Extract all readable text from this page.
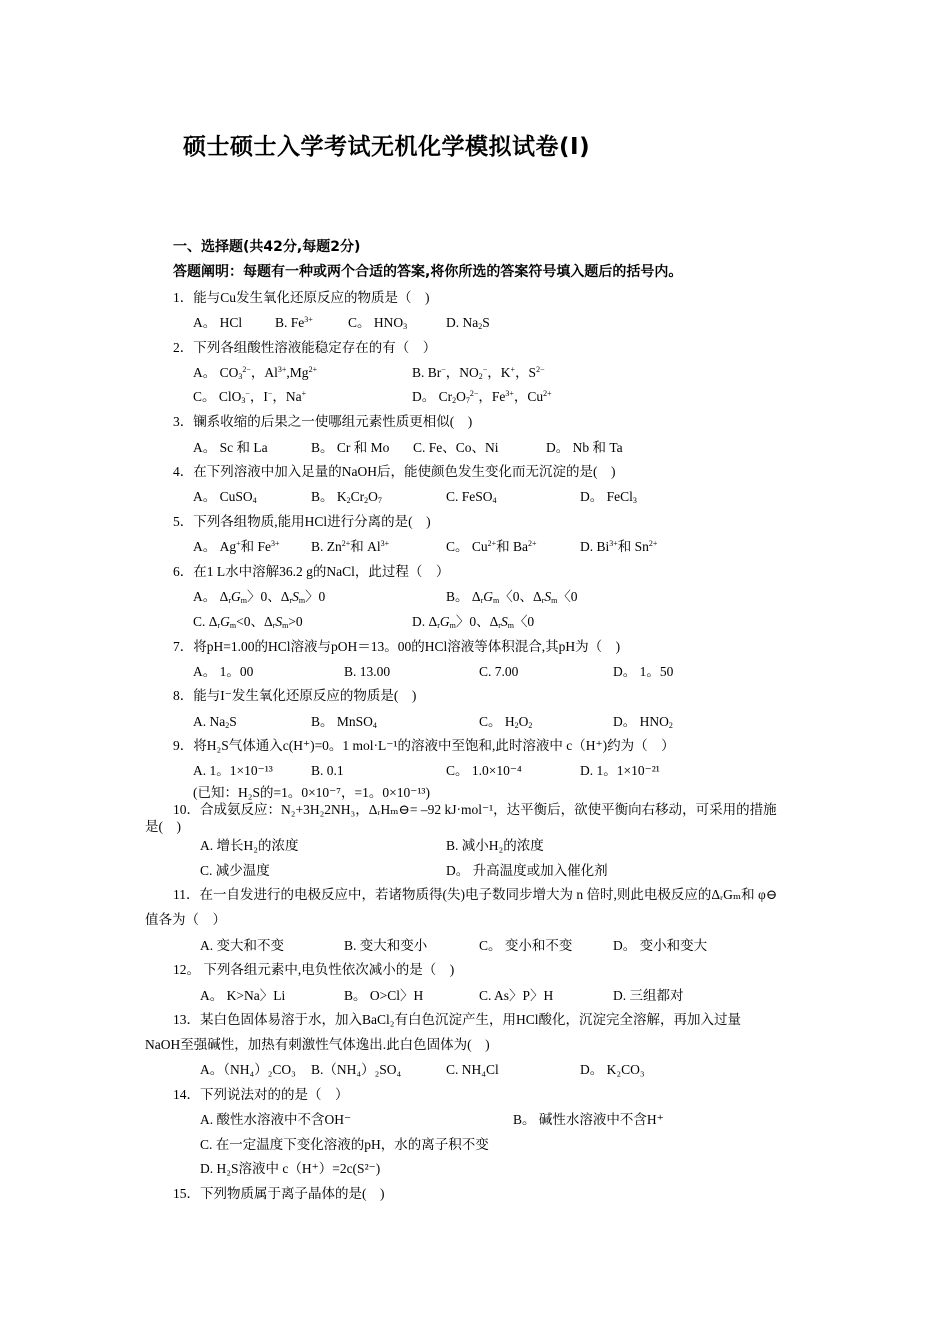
硕士硕士入学考试无机化学模拟试卷(Ⅰ)
一、选择题(共42分,每题2分)
答题阐明：每题有一种或两个合适的答案,将你所选的答案符号填入题后的括号内。
1．能与Cu发生氧化还原反应的物质是（　)
A。 HCl B. $Fe^{3+}$	C。 $HNO_3$	D. $Na_2S$
2．下列各组酸性溶液能稳定存在的有（　）
A。 $CO_3^{2-}$，$Al^{3+},Mg^{2+}$	B. Br−，$NO_2^-$，K+，$S^{2-}$
C。 ClO$_3$−，I−，Na+	D。 $Cr_2O_7^{2-}$，$Fe^{3+}$，$Cu^{2+}$
3．镧系收缩的后果之一使哪组元素性质更相似(　)
A。 Sc 和 La	B。 Cr 和 Mo C. Fe、Co、Ni	D。 Nb 和 Ta
4．在下列溶液中加入足量的NaOH后，能使颜色发生变化而无沉淀的是(　)
A。 CuSO$_4$	B。 $K_2Cr_2O_7$	C. FeSO$_4$	D。 FeCl$_3$
5．下列各组物质,能用HCl进行分离的是(　)
A。 Ag+和 $Fe^{3+}$ B. $Zn^{2+}$和 $Al^{3+}$	C。 $Cu^{2+}$和 $Ba^{2+}$	D. $Bi^{3+}$和 $Sn^{2+}$
6．在1 L水中溶解36.2 g的NaCl，此过程（　）
A。 $\Delta_rG_m$〉0、$\Delta_rS_m$〉0	B。 $\Delta_rG_m$〈0、$\Delta_rS_m$〈0
C. $\Delta_rG_m<0$、$\Delta_rS_m>0$	D. $\Delta_rG_m$〉0、$\Delta_rS_m$〈0
7．将pH=1.00的HCl溶液与pOH＝13。00的HCl溶液等体积混合,其pH为（　)
A。 1。00	B. 13.00	C. 7.00	D。 1。50
8．能与I⁻发生氧化还原反应的物质是(　)
A. $Na_2S$	B。 MnSO$_4$	C。 $H_2O_2$	D。 $HNO_2$
9．将H₂S气体通入c(H⁺)=0。1 mol·L⁻¹的溶液中至饱和,此时溶液中 c（H⁺)约为（　）
A. 1。1×10⁻¹³	B. 0.1	C。 1.0×10⁻⁴	D. 1。1×10⁻²¹
(已知：H₂S的=1。0×10⁻⁷，=1。0×10⁻¹³)
10．合成氨反应：N₂+3H₂2NH₃，ΔᵣHₘ⊖= –92 kJ·mol⁻¹，达平衡后，欲使平衡向右移动，可采用的措施
是(　)
A. 增长H₂的浓度	B. 减小H₂的浓度
C. 减少温度	D。 升高温度或加入催化剂
11．在一自发进行的电极反应中，若诸物质得(失)电子数同步增大为 n 倍时,则此电极反应的ΔᵣGₘ和 φ⊖
值各为（　）
A. 变大和不变	B. 变大和变小	C。 变小和不变	D。 变小和变大
12。 下列各组元素中,电负性依次减小的是（　)
A。 K>Na〉Li	B。 O>Cl〉H	C. As〉P〉H	D. 三组都对
13．某白色固体易溶于水，加入BaCl₂有白色沉淀产生，用HCl酸化，沉淀完全溶解，再加入过量
NaOH至强碱性，加热有刺激性气体逸出.此白色固体为(　)
A。（NH₄）₂CO₃ B.（NH₄）₂SO₄	C. NH₄Cl	D。 K₂CO₃
14．下列说法对的的是（　）
A. 酸性水溶液中不含OH⁻	B。 碱性水溶液中不含H⁺
C. 在一定温度下变化溶液的pH，水的离子积不变
D. H₂S溶液中 c（H⁺）=2c(S²⁻)
15．下列物质属于离子晶体的是(　)
